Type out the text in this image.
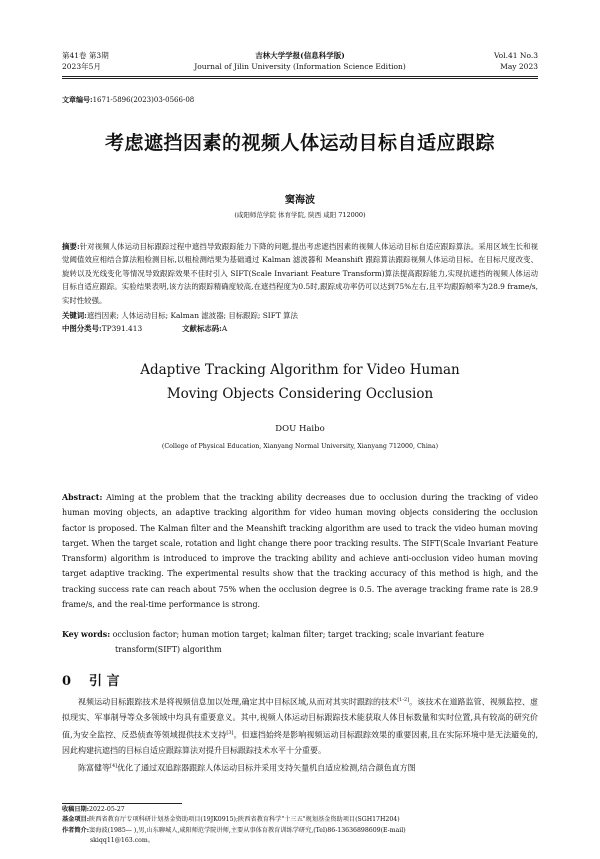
第41卷 第3期
2023年5月
吉林大学学报(信息科学版)
Journal of Jilin University (Information Science Edition)
Vol.41 No.3
May 2023
文章编号:1671-5896(2023)03-0566-08
考虑遮挡因素的视频人体运动目标自适应跟踪
窦海波
(咸阳师范学院 体育学院, 陕西 咸阳 712000)
摘要:针对视频人体运动目标跟踪过程中遮挡导致跟踪能力下降的问题,提出考虑遮挡因素的视频人体运动目标自适应跟踪算法。采用区域生长和视觉阈值效应相结合算法粗检测目标,以粗检测结果为基础通过 Kalman 滤波器和 Meanshift 跟踪算法跟踪视频人体运动目标。在目标尺度改变、旋转以及光线变化等情况导致跟踪效果不佳时引入 SIFT(Scale Invariant Feature Transform)算法提高跟踪能力,实现抗遮挡的视频人体运动目标自适应跟踪。实验结果表明,该方法的跟踪精确度较高,在遮挡程度为0.5时,跟踪成功率仍可以达到75%左右,且平均跟踪帧率为28.9 frame/s,实时性较强。
关键词:遮挡因素; 人体运动目标; Kalman 滤波器; 目标跟踪; SIFT 算法
中图分类号:TP391.413	文献标志码:A
Adaptive Tracking Algorithm for Video Human
Moving Objects Considering Occlusion
DOU Haibo
(College of Physical Education, Xianyang Normal University, Xianyang 712000, China)
Abstract: Aiming at the problem that the tracking ability decreases due to occlusion during the tracking of video human moving objects, an adaptive tracking algorithm for video human moving objects considering the occlusion factor is proposed. The Kalman filter and the Meanshift tracking algorithm are used to track the video human moving target. When the target scale, rotation and light change there poor tracking results. The SIFT(Scale Invariant Feature Transform) algorithm is introduced to improve the tracking ability and achieve anti-occlusion video human moving target adaptive tracking. The experimental results show that the tracking accuracy of this method is high, and the tracking success rate can reach about 75% when the occlusion degree is 0.5. The average tracking frame rate is 28.9 frame/s, and the real-time performance is strong.
Key words: occlusion factor; human motion target; kalman filter; target tracking; scale invariant feature
transform(SIFT) algorithm
0 引 言

视频运动目标跟踪技术是将视频信息加以处理,确定其中目标区域,从而对其实时跟踪的技术[1-2]。该技术在道路监管、视频监控、虚拟现实、军事制导等众多领域中均具有重要意义。其中,视频人体运动目标跟踪技术能获取人体目标数量和实时位置,具有较高的研究价值,为安全监控、反恐侦查等领域提供技术支持[3]。但遮挡始终是影响视频运动目标跟踪效果的重要因素,且在实际环境中是无法避免的,因此构建抗遮挡的目标自适应跟踪算法对提升目标跟踪技术水平十分重要。

陈富健等[4]优化了通过双追踪器跟踪人体运动目标并采用支持矢量机自适应检测,结合颜色直方图

收稿日期:2022-05-27
基金项目:陕西省教育厅专项科研计划基金资助项目(19JK0915);陕西省教育科学"十三五"规划基金资助项目(SGH17H204)
作者简介:窦海波(1985— ),男,山东聊城人,咸阳师范学院讲师,主要从事体育教育训练学研究,(Tel)86-13636898609(E-mail)
skiqq11@163.com。
